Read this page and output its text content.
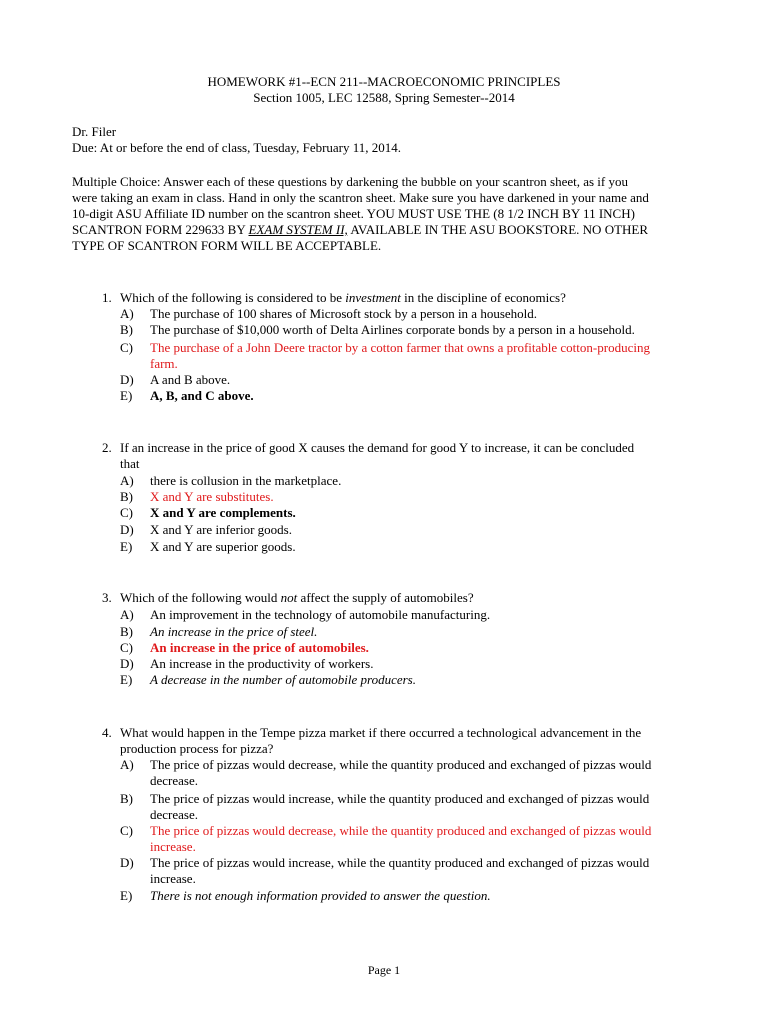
HOMEWORK #1--ECN 211--MACROECONOMIC PRINCIPLES
Section 1005, LEC 12588, Spring Semester--2014
Dr. Filer
Due: At or before the end of class, Tuesday, February 11, 2014.
Multiple Choice: Answer each of these questions by darkening the bubble on your scantron sheet, as if you
were taking an exam in class. Hand in only the scantron sheet. Make sure you have darkened in your name and
10-digit ASU Affiliate ID number on the scantron sheet. YOU MUST USE THE (8 1/2 INCH BY 11 INCH)
SCANTRON FORM 229633 BY EXAM SYSTEM II, AVAILABLE IN THE ASU BOOKSTORE. NO OTHER
TYPE OF SCANTRON FORM WILL BE ACCEPTABLE.
1. Which of the following is considered to be investment in the discipline of economics?
A) The purchase of 100 shares of Microsoft stock by a person in a household.
B) The purchase of $10,000 worth of Delta Airlines corporate bonds by a person in a household.
C) The purchase of a John Deere tractor by a cotton farmer that owns a profitable cotton-producing
farm.
D) A and B above.
E) A, B, and C above.
2. If an increase in the price of good X causes the demand for good Y to increase, it can be concluded
that
A) there is collusion in the marketplace.
B) X and Y are substitutes.
C) X and Y are complements.
D) X and Y are inferior goods.
E) X and Y are superior goods.
3. Which of the following would not affect the supply of automobiles?
A) An improvement in the technology of automobile manufacturing.
B) An increase in the price of steel.
C) An increase in the price of automobiles.
D) An increase in the productivity of workers.
E) A decrease in the number of automobile producers.
4. What would happen in the Tempe pizza market if there occurred a technological advancement in the
production process for pizza?
A) The price of pizzas would decrease, while the quantity produced and exchanged of pizzas would
decrease.
B) The price of pizzas would increase, while the quantity produced and exchanged of pizzas would
decrease.
C) The price of pizzas would decrease, while the quantity produced and exchanged of pizzas would
increase.
D) The price of pizzas would increase, while the quantity produced and exchanged of pizzas would
increase.
E) There is not enough information provided to answer the question.
Page 1
